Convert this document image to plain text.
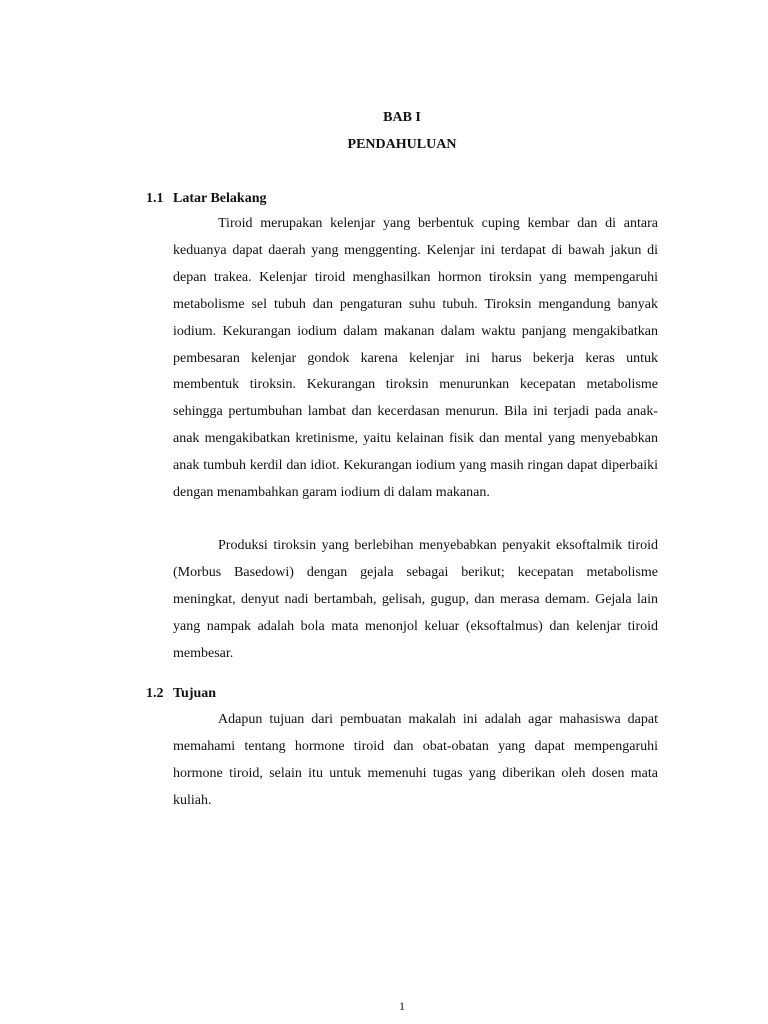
BAB I
PENDAHULUAN
1.1 Latar Belakang

Tiroid merupakan kelenjar yang berbentuk cuping kembar dan di antara keduanya dapat daerah yang menggenting. Kelenjar ini terdapat di bawah jakun di depan trakea. Kelenjar tiroid menghasilkan hormon tiroksin yang mempengaruhi metabolisme sel tubuh dan pengaturan suhu tubuh. Tiroksin mengandung banyak iodium. Kekurangan iodium dalam makanan dalam waktu panjang mengakibatkan pembesaran kelenjar gondok karena kelenjar ini harus bekerja keras untuk membentuk tiroksin. Kekurangan tiroksin menurunkan kecepatan metabolisme sehingga pertumbuhan lambat dan kecerdasan menurun. Bila ini terjadi pada anak-anak mengakibatkan kretinisme, yaitu kelainan fisik dan mental yang menyebabkan anak tumbuh kerdil dan idiot. Kekurangan iodium yang masih ringan dapat diperbaiki dengan menambahkan garam iodium di dalam makanan.

Produksi tiroksin yang berlebihan menyebabkan penyakit eksoftalmik tiroid (Morbus Basedowi) dengan gejala sebagai berikut; kecepatan metabolisme meningkat, denyut nadi bertambah, gelisah, gugup, dan merasa demam. Gejala lain yang nampak adalah bola mata menonjol keluar (eksoftalmus) dan kelenjar tiroid membesar.

1.2 Tujuan

Adapun tujuan dari pembuatan makalah ini adalah agar mahasiswa dapat memahami tentang hormone tiroid dan obat-obatan yang dapat mempengaruhi hormone tiroid, selain itu untuk memenuhi tugas yang diberikan oleh dosen mata kuliah.

1
